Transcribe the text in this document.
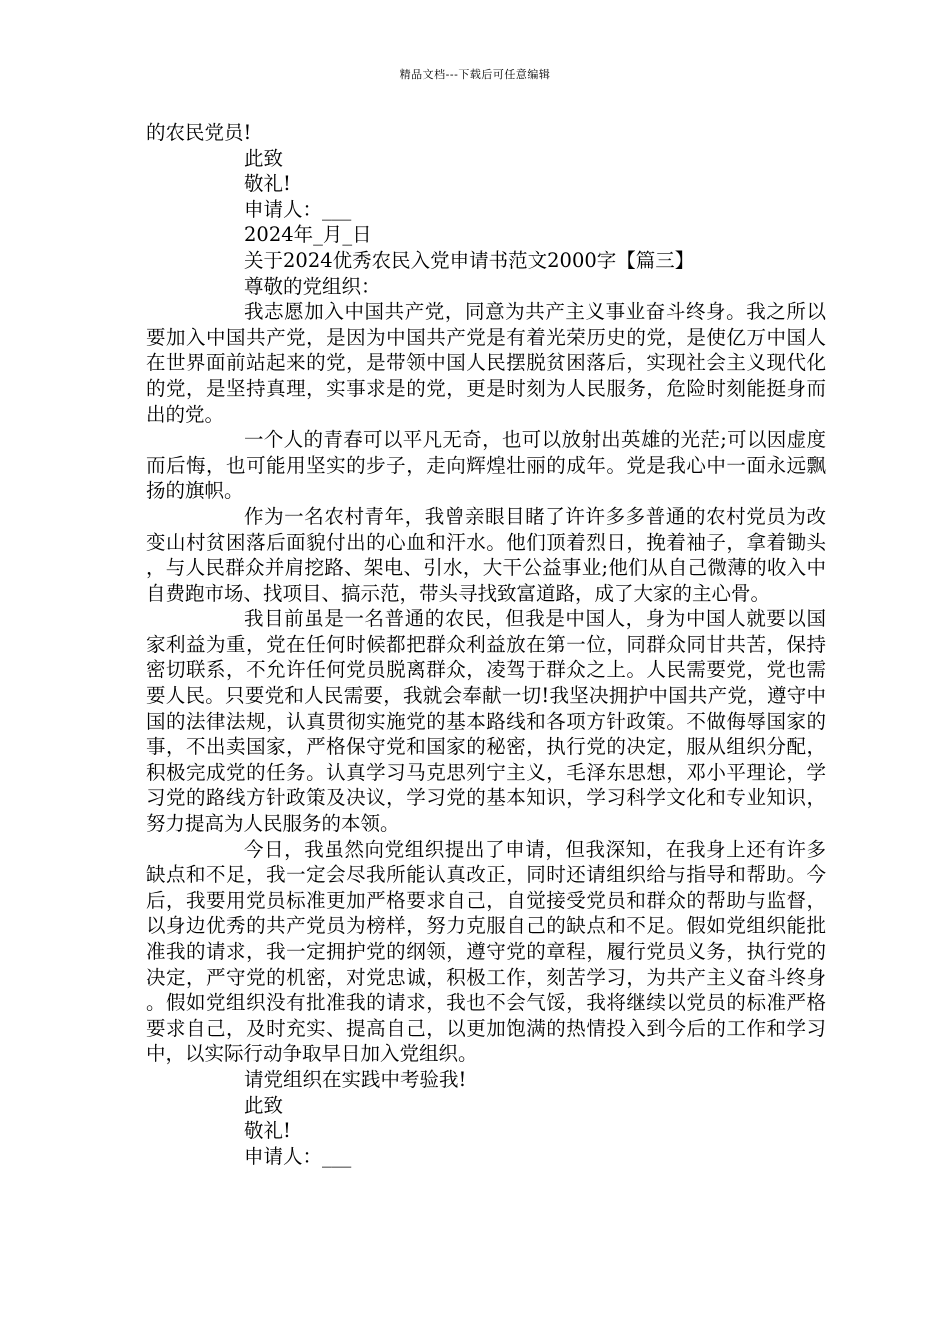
精品文档---下载后可任意编辑
的农民党员!
此致
敬礼!
申请人：___
2024年_月_日
关于2024优秀农民入党申请书范文2000字【篇三】
尊敬的党组织：
我志愿加入中国共产党，同意为共产主义事业奋斗终身。我之所以要加入中国共产党，是因为中国共产党是有着光荣历史的党，是使亿万中国人在世界面前站起来的党，是带领中国人民摆脱贫困落后，实现社会主义现代化的党，是坚持真理，实事求是的党，更是时刻为人民服务，危险时刻能挺身而出的党。
一个人的青春可以平凡无奇，也可以放射出英雄的光茫;可以因虚度而后悔，也可能用坚实的步子，走向辉煌壮丽的成年。党是我心中一面永远飘扬的旗帜。
作为一名农村青年，我曾亲眼目睹了许许多多普通的农村党员为改变山村贫困落后面貌付出的心血和汗水。他们顶着烈日，挽着袖子，拿着锄头，与人民群众并肩挖路、架电、引水，大干公益事业;他们从自己微薄的收入中自费跑市场、找项目、搞示范，带头寻找致富道路，成了大家的主心骨。
我目前虽是一名普通的农民，但我是中国人，身为中国人就要以国家利益为重，党在任何时候都把群众利益放在第一位，同群众同甘共苦，保持密切联系，不允许任何党员脱离群众，凌驾于群众之上。人民需要党，党也需要人民。只要党和人民需要，我就会奉献一切!我坚决拥护中国共产党，遵守中国的法律法规，认真贯彻实施党的基本路线和各项方针政策。不做侮辱国家的事，不出卖国家，严格保守党和国家的秘密，执行党的决定，服从组织分配，积极完成党的任务。认真学习马克思列宁主义，毛泽东思想，邓小平理论，学习党的路线方针政策及决议，学习党的基本知识，学习科学文化和专业知识，努力提高为人民服务的本领。
今日，我虽然向党组织提出了申请，但我深知，在我身上还有许多缺点和不足，我一定会尽我所能认真改正，同时还请组织给与指导和帮助。今后，我要用党员标准更加严格要求自己，自觉接受党员和群众的帮助与监督，以身边优秀的共产党员为榜样，努力克服自己的缺点和不足。假如党组织能批准我的请求，我一定拥护党的纲领，遵守党的章程，履行党员义务，执行党的决定，严守党的机密，对党忠诚，积极工作，刻苦学习，为共产主义奋斗终身。假如党组织没有批准我的请求，我也不会气馁，我将继续以党员的标准严格要求自己，及时充实、提高自己，以更加饱满的热情投入到今后的工作和学习中，以实际行动争取早日加入党组织。
请党组织在实践中考验我!
此致
敬礼!
申请人：___
